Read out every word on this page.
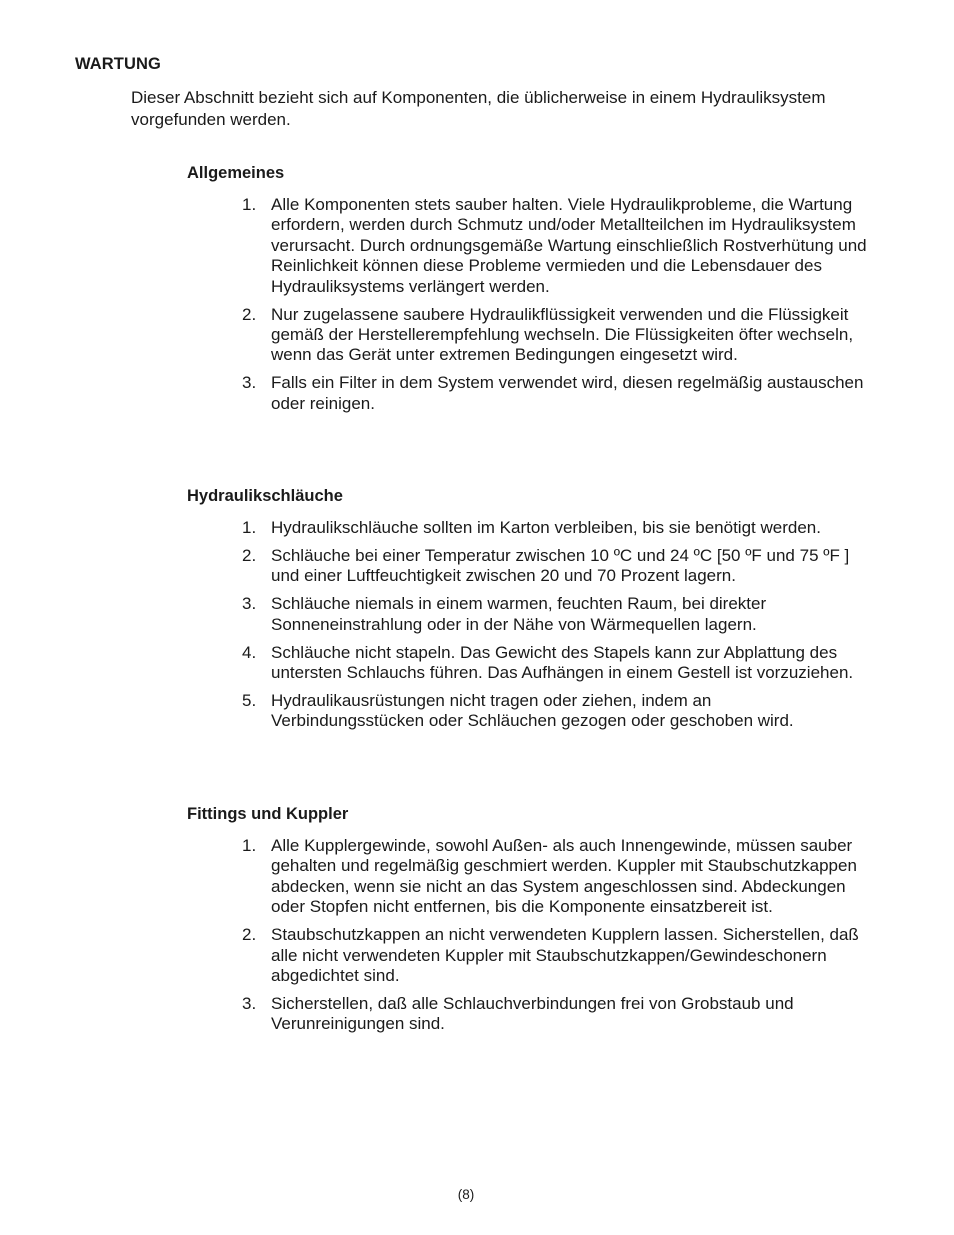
WARTUNG
Dieser Abschnitt bezieht sich auf Komponenten, die üblicherweise in einem Hydrauliksystem vorgefunden werden.
Allgemeines
1. Alle Komponenten stets sauber halten. Viele Hydraulikprobleme, die Wartung erfordern, werden durch Schmutz und/oder Metallteilchen im Hydrauliksystem verursacht. Durch ordnungsgemäße Wartung einschließlich Rostverhütung und Reinlichkeit können diese Probleme vermieden und die Lebensdauer des Hydrauliksystems verlängert werden.
2. Nur zugelassene saubere Hydraulikflüssigkeit verwenden und die Flüssigkeit gemäß der Herstellerempfehlung wechseln. Die Flüssigkeiten öfter wechseln, wenn das Gerät unter extremen Bedingungen eingesetzt wird.
3. Falls ein Filter in dem System verwendet wird, diesen regelmäßig austauschen oder reinigen.
Hydraulikschläuche
1. Hydraulikschläuche sollten im Karton verbleiben, bis sie benötigt werden.
2. Schläuche bei einer Temperatur zwischen 10 ºC und 24 ºC [50 ºF und 75 ºF ] und einer Luftfeuchtigkeit zwischen 20 und 70 Prozent lagern.
3. Schläuche niemals in einem warmen, feuchten Raum, bei direkter Sonneneinstrahlung oder in der Nähe von Wärmequellen lagern.
4. Schläuche nicht stapeln. Das Gewicht des Stapels kann zur Abplattung des untersten Schlauchs führen. Das Aufhängen in einem Gestell ist vorzuziehen.
5. Hydraulikausrüstungen nicht tragen oder ziehen, indem an Verbindungsstücken oder Schläuchen gezogen oder geschoben wird.
Fittings und Kuppler
1. Alle Kupplergewinde, sowohl Außen- als auch Innengewinde, müssen sauber gehalten und regelmäßig geschmiert werden. Kuppler mit Staubschutzkappen abdecken, wenn sie nicht an das System angeschlossen sind. Abdeckungen oder Stopfen nicht entfernen, bis die Komponente einsatzbereit ist.
2. Staubschutzkappen an nicht verwendeten Kupplern lassen. Sicherstellen, daß alle nicht verwendeten Kuppler mit Staubschutzkappen/Gewindeschonern abgedichtet sind.
3. Sicherstellen, daß alle Schlauchverbindungen frei von Grobstaub und Verunreinigungen sind.
(8)
